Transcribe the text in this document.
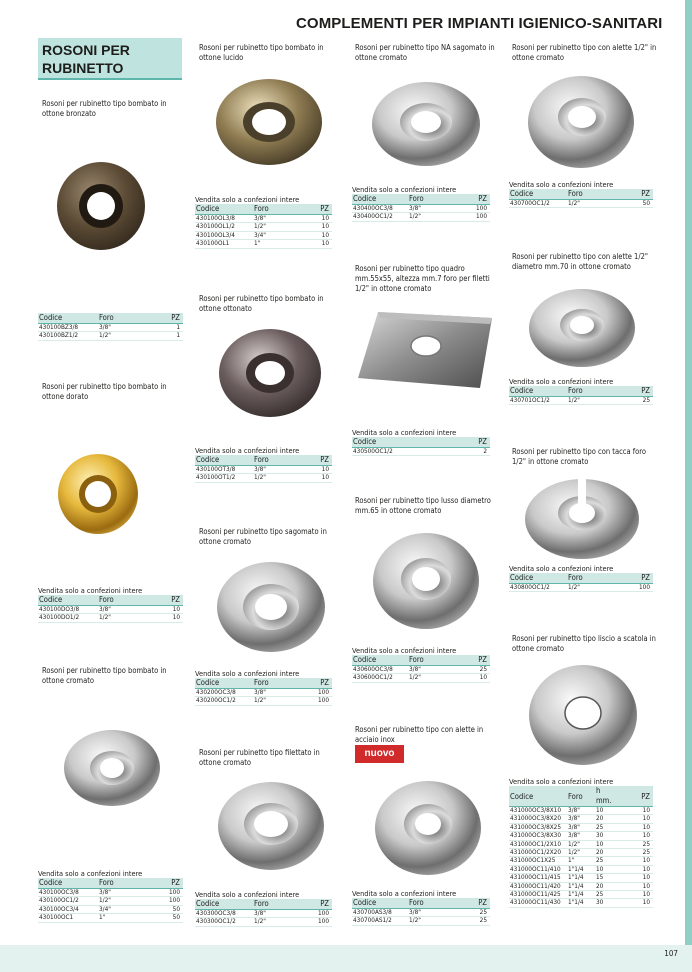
107
COMPLEMENTI PER IMPIANTI IGIENICO-SANITARI
ROSONI PER
RUBINETTO
Rosoni per rubinetto tipo bombato in ottone bronzato
Codice	Foro	PZ
430100BZ3/8	3/8"	1
430100BZ1/2	1/2"	1
Rosoni per rubinetto tipo bombato in ottone dorato
Vendita solo a confezioni intere
Codice	Foro	PZ
430100DO3/8	3/8"	10
430100DO1/2	1/2"	10
Rosoni per rubinetto tipo bombato in ottone cromato
Vendita solo a confezioni intere
Codice	Foro	PZ
430100OC3/8	3/8"	100
430100OC1/2	1/2"	100
430100OC3/4	3/4"	50
430100OC1	1"	50
Rosoni per rubinetto tipo bombato in ottone lucido
Vendita solo a confezioni intere
Codice	Foro	PZ
430100OL3/8	3/8"	10
430100OL1/2	1/2"	10
430100OL3/4	3/4"	10
430100OL1	1"	10
Rosoni per rubinetto tipo bombato in ottone ottonato
Vendita solo a confezioni intere
Codice	Foro	PZ
430100OT3/8	3/8"	10
430100OT1/2	1/2"	10
Rosoni per rubinetto tipo sagomato in ottone cromato
Vendita solo a confezioni intere
Codice	Foro	PZ
430200OC3/8	3/8"	100
430200OC1/2	1/2"	100
Rosoni per rubinetto tipo filettato in ottone cromato
Vendita solo a confezioni intere
Codice	Foro	PZ
430300OC3/8	3/8"	100
430300OC1/2	1/2"	100
Rosoni per rubinetto tipo NA sagomato in ottone cromato
Vendita solo a confezioni intere
Codice	Foro	PZ
430400OC3/8	3/8"	100
430400OC1/2	1/2"	100
Rosoni per rubinetto tipo quadro mm.55x55, altezza mm.7 foro per filetti 1/2" in ottone cromato
Vendita solo a confezioni intere
Codice	PZ
430500OC1/2	2
Rosoni per rubinetto tipo lusso diametro mm.65 in ottone cromato
Vendita solo a confezioni intere
Codice	Foro	PZ
430600OC3/8	3/8"	25
430600OC1/2	1/2"	10
Rosoni per rubinetto tipo con alette in acciaio inox
nuovo
Vendita solo a confezioni intere
Codice	Foro	PZ
430700AS3/8	3/8"	25
430700AS1/2	1/2"	25
Rosoni per rubinetto tipo con alette 1/2" in ottone cromato
Vendita solo a confezioni intere
Codice	Foro	PZ
430700OC1/2	1/2"	50
Rosoni per rubinetto tipo con alette 1/2" diametro mm.70 in ottone cromato
Vendita solo a confezioni intere
Codice	Foro	PZ
430701OC1/2	1/2"	25
Rosoni per rubinetto tipo con tacca foro 1/2" in ottone cromato
Vendita solo a confezioni intere
Codice	Foro	PZ
430800OC1/2	1/2"	100
Rosoni per rubinetto tipo liscio a scatola in ottone cromato
Vendita solo a confezioni intere
Codice	Foro
h
mm.	PZ
431000OC3/8X10	3/8"	10	10
431000OC3/8X20	3/8"	20	10
431000OC3/8X25	3/8"	25	10
431000OC3/8X30	3/8"	30	10
431000OC1/2X10	1/2"	10	25
431000OC1/2X20	1/2"	20	25
431000OC1X25	1"	25	10
431000OC11/410	1"1/4	10	10
431000OC11/415	1"1/4	15	10
431000OC11/420	1"1/4	20	10
431000OC11/425	1"1/4	25	10
431000OC11/430	1"1/4	30	10
